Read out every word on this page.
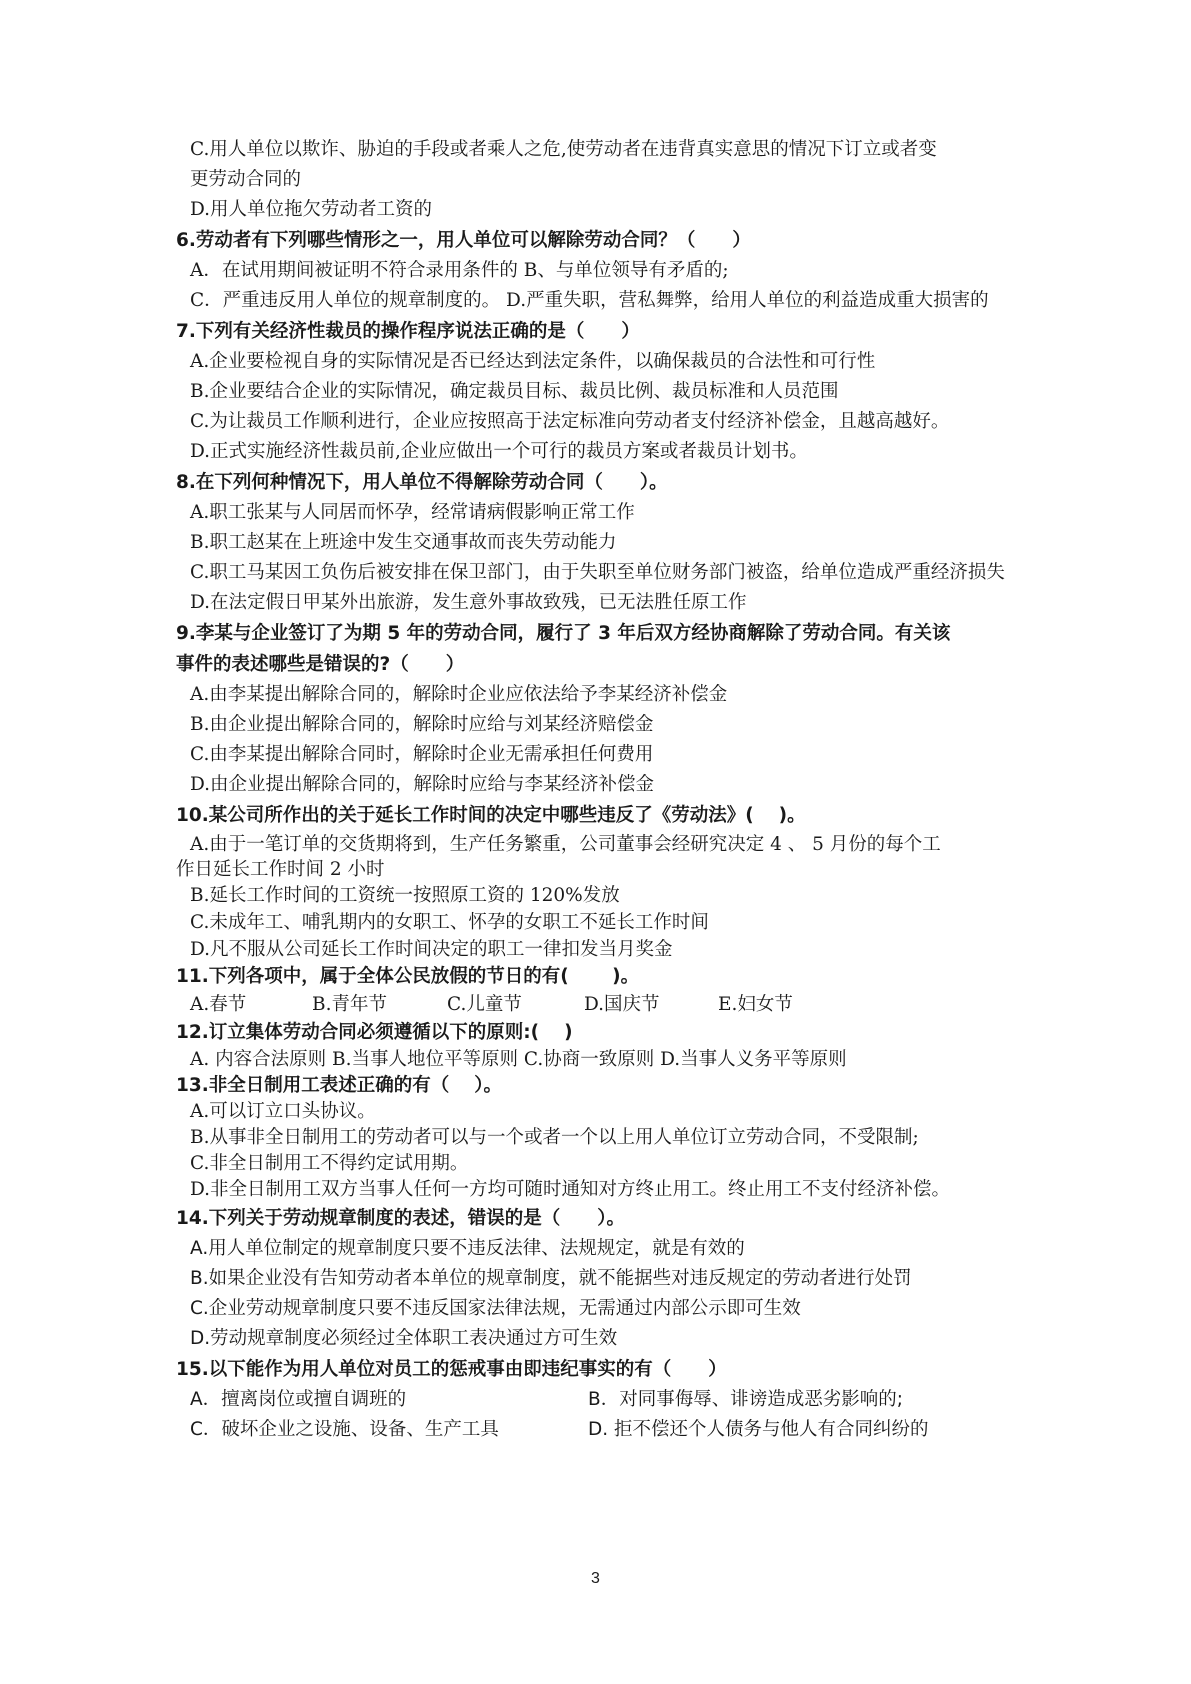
C.用人单位以欺诈、胁迫的手段或者乘人之危,使劳动者在违背真实意思的情况下订立或者变
更劳动合同的
D.用人单位拖欠劳动者工资的
6.劳动者有下列哪些情形之一，用人单位可以解除劳动合同？（　　）
A．在试用期间被证明不符合录用条件的 B、与单位领导有矛盾的;
C．严重违反用人单位的规章制度的。 D.严重失职，营私舞弊，给用人单位的利益造成重大损害的
7.下列有关经济性裁员的操作程序说法正确的是（　　）
A.企业要检视自身的实际情况是否已经达到法定条件，以确保裁员的合法性和可行性
B.企业要结合企业的实际情况，确定裁员目标、裁员比例、裁员标准和人员范围
C.为让裁员工作顺利进行，企业应按照高于法定标准向劳动者支付经济补偿金，且越高越好。
D.正式实施经济性裁员前,企业应做出一个可行的裁员方案或者裁员计划书。
8.在下列何种情况下，用人单位不得解除劳动合同（　　）。
A.职工张某与人同居而怀孕，经常请病假影响正常工作
B.职工赵某在上班途中发生交通事故而丧失劳动能力
C.职工马某因工负伤后被安排在保卫部门，由于失职至单位财务部门被盗，给单位造成严重经济损失
D.在法定假日甲某外出旅游，发生意外事故致残，已无法胜任原工作
9.李某与企业签订了为期 5 年的劳动合同，履行了 3 年后双方经协商解除了劳动合同。有关该
事件的表述哪些是错误的?（　　）
A.由李某提出解除合同的，解除时企业应依法给予李某经济补偿金
B.由企业提出解除合同的，解除时应给与刘某经济赔偿金
C.由李某提出解除合同时，解除时企业无需承担任何费用
D.由企业提出解除合同的，解除时应给与李某经济补偿金
10.某公司所作出的关于延长工作时间的决定中哪些违反了《劳动法》(　 )。
A.由于一笔订单的交货期将到，生产任务繁重，公司董事会经研究决定 4 、 5 月份的每个工
作日延长工作时间 2 小时
B.延长工作时间的工资统一按照原工资的 120%发放
C.未成年工、哺乳期内的女职工、怀孕的女职工不延长工作时间
D.凡不服从公司延长工作时间决定的职工一律扣发当月奖金
11.下列各项中，属于全体公民放假的节日的有(　　 )。
A.春节	B.青年节	C.儿童节	D.国庆节	E.妇女节
12.订立集体劳动合同必须遵循以下的原则:(　 )
A. 内容合法原则 B.当事人地位平等原则 C.协商一致原则 D.当事人义务平等原则
13.非全日制用工表述正确的有（　 ）。
A.可以订立口头协议。
B.从事非全日制用工的劳动者可以与一个或者一个以上用人单位订立劳动合同，不受限制;
C.非全日制用工不得约定试用期。
D.非全日制用工双方当事人任何一方均可随时通知对方终止用工。终止用工不支付经济补偿。
14.下列关于劳动规章制度的表述，错误的是（　　）。
A.用人单位制定的规章制度只要不违反法律、法规规定，就是有效的
B.如果企业没有告知劳动者本单位的规章制度，就不能据些对违反规定的劳动者进行处罚
C.企业劳动规章制度只要不违反国家法律法规，无需通过内部公示即可生效
D.劳动规章制度必须经过全体职工表决通过方可生效
15.以下能作为用人单位对员工的惩戒事由即违纪事实的有（　　）
A．擅离岗位或擅自调班的	B．对同事侮辱、诽谤造成恶劣影响的;
C．破坏企业之设施、设备、生产工具	D. 拒不偿还个人债务与他人有合同纠纷的
3
